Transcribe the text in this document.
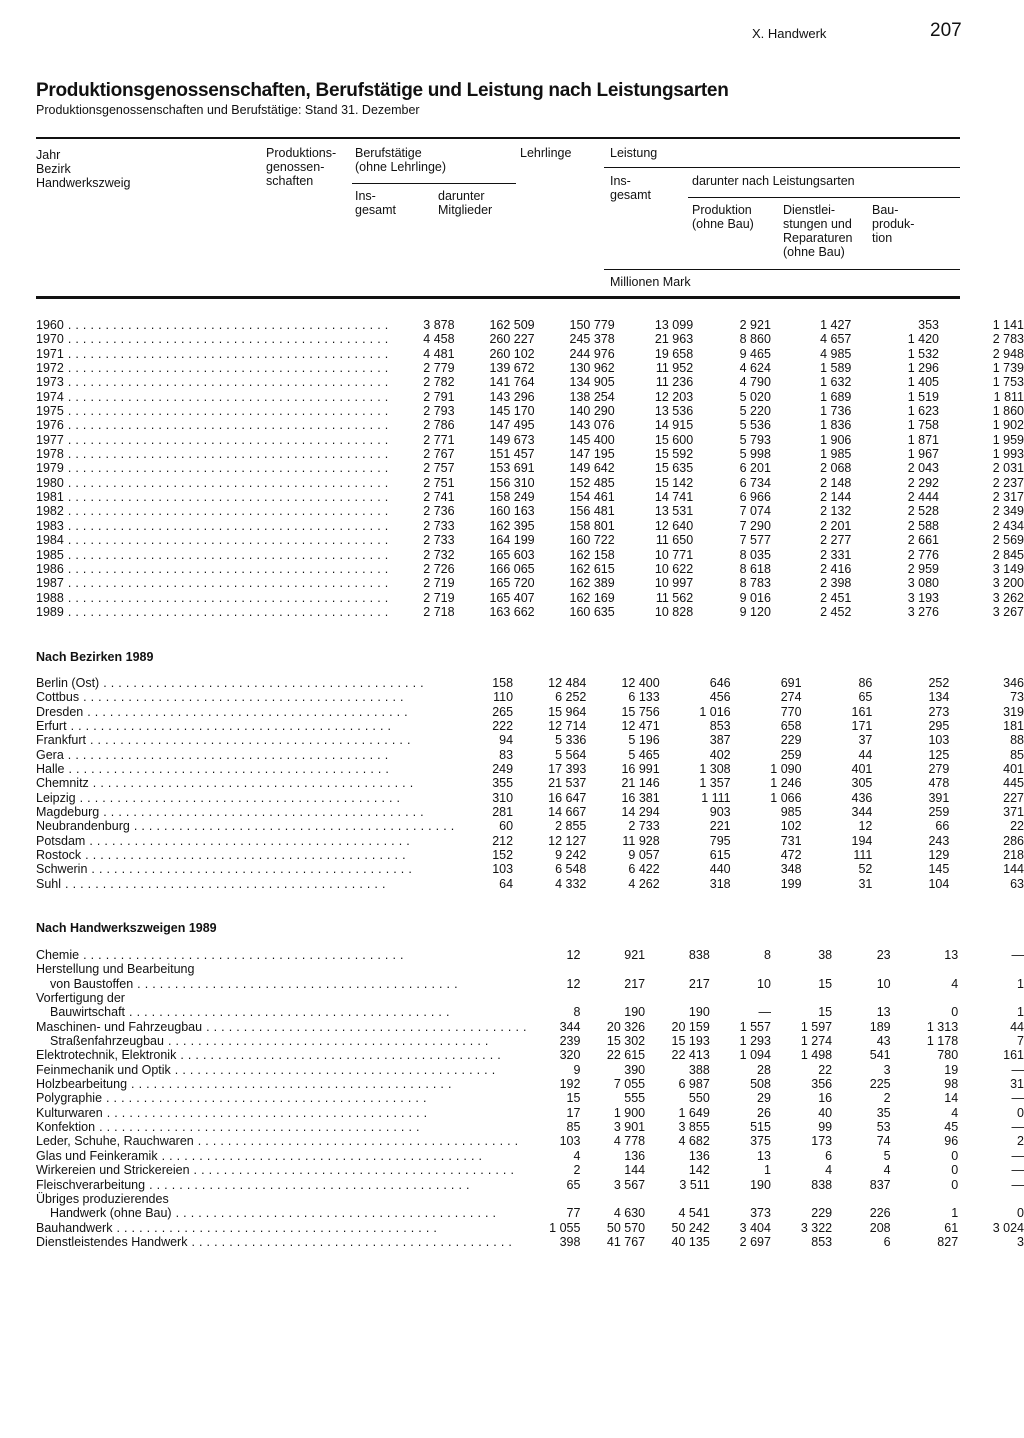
X. Handwerk	207
Produktionsgenossenschaften, Berufstätige und Leistung nach Leistungsarten
Produktionsgenossenschaften und Berufstätige: Stand 31. Dezember
Jahr
Bezirk
Handwerkszweig
Produktions-
genossen-
schaften
Berufstätige
(ohne Lehrlinge)
Ins-
gesamt
darunter
Mitglieder
Lehrlinge	Leistung
Ins-
gesamt
darunter nach Leistungsarten
Produktion
(ohne Bau)
Dienstlei-
stungen und
Reparaturen
(ohne Bau)
Bau-
produk-
tion
Millionen Mark
1960 . . .	3 878	162 509	150 779	13 099	2 921	1 427	353	1 141
1970 . . .	4 458	260 227	245 378	21 963	8 860	4 657	1 420	2 783
1971 . . .	4 481	260 102	244 976	19 658	9 465	4 985	1 532	2 948
1972 . . .	2 779	139 672	130 962	11 952	4 624	1 589	1 296	1 739
1973 . . .	2 782	141 764	134 905	11 236	4 790	1 632	1 405	1 753
1974 . . .	2 791	143 296	138 254	12 203	5 020	1 689	1 519	1 811
1975 . . .	2 793	145 170	140 290	13 536	5 220	1 736	1 623	1 860
1976 . . .	2 786	147 495	143 076	14 915	5 536	1 836	1 758	1 902
1977 . . .	2 771	149 673	145 400	15 600	5 793	1 906	1 871	1 959
1978 . . .	2 767	151 457	147 195	15 592	5 998	1 985	1 967	1 993
1979 . . .	2 757	153 691	149 642	15 635	6 201	2 068	2 043	2 031
1980 . . .	2 751	156 310	152 485	15 142	6 734	2 148	2 292	2 237
1981 . . .	2 741	158 249	154 461	14 741	6 966	2 144	2 444	2 317
1982 . . .	2 736	160 163	156 481	13 531	7 074	2 132	2 528	2 349
1983 . . .	2 733	162 395	158 801	12 640	7 290	2 201	2 588	2 434
1984 . . .	2 733	164 199	160 722	11 650	7 577	2 277	2 661	2 569
1985 . . .	2 732	165 603	162 158	10 771	8 035	2 331	2 776	2 845
1986 . . .	2 726	166 065	162 615	10 622	8 618	2 416	2 959	3 149
1987 . . .	2 719	165 720	162 389	10 997	8 783	2 398	3 080	3 200
1988 . . .	2 719	165 407	162 169	11 562	9 016	2 451	3 193	3 262
1989 . . .	2 718	163 662	160 635	10 828	9 120	2 452	3 276	3 267
Nach Bezirken 1989
Berlin (Ost) . . .	158	12 484	12 400	646	691	86	252	346
Cottbus . . .	110	6 252	6 133	456	274	65	134	73
Dresden . . .	265	15 964	15 756	1 016	770	161	273	319
Erfurt . . .	222	12 714	12 471	853	658	171	295	181
Frankfurt . . .	94	5 336	5 196	387	229	37	103	88
Gera . . .	83	5 564	5 465	402	259	44	125	85
Halle . . .	249	17 393	16 991	1 308	1 090	401	279	401
Chemnitz . . .	355	21 537	21 146	1 357	1 246	305	478	445
Leipzig . . .	310	16 647	16 381	1 111	1 066	436	391	227
Magdeburg . . .	281	14 667	14 294	903	985	344	259	371
Neubrandenburg . . .	60	2 855	2 733	221	102	12	66	22
Potsdam . . .	212	12 127	11 928	795	731	194	243	286
Rostock . . .	152	9 242	9 057	615	472	111	129	218
Schwerin . . .	103	6 548	6 422	440	348	52	145	144
Suhl . . .	64	4 332	4 262	318	199	31	104	63
Nach Handwerkszweigen 1989
Chemie . . .	12	921	838	8	38	23	13	—
Herstellung und Bearbeitung								
von Baustoffen . . .	12	217	217	10	15	10	4	1
Vorfertigung der								
Bauwirtschaft . . .	8	190	190	—	15	13	0	1
Maschinen- und Fahrzeugbau . . .	344	20 326	20 159	1 557	1 597	189	1 313	44
Straßenfahrzeugbau . . .	239	15 302	15 193	1 293	1 274	43	1 178	7
Elektrotechnik, Elektronik . . .	320	22 615	22 413	1 094	1 498	541	780	161
Feinmechanik und Optik . . .	9	390	388	28	22	3	19	—
Holzbearbeitung . . .	192	7 055	6 987	508	356	225	98	31
Polygraphie . . .	15	555	550	29	16	2	14	—
Kulturwaren . . .	17	1 900	1 649	26	40	35	4	0
Konfektion . . .	85	3 901	3 855	515	99	53	45	—
Leder, Schuhe, Rauchwaren . . .	103	4 778	4 682	375	173	74	96	2
Glas und Feinkeramik . . .	4	136	136	13	6	5	0	—
Wirkereien und Strickereien . . .	2	144	142	1	4	4	0	—
Fleischverarbeitung . . .	65	3 567	3 511	190	838	837	0	—
Übriges produzierendes								
Handwerk (ohne Bau) . . .	77	4 630	4 541	373	229	226	1	0
Bauhandwerk . . .	1 055	50 570	50 242	3 404	3 322	208	61	3 024
Dienstleistendes Handwerk . . .	398	41 767	40 135	2 697	853	6	827	3
